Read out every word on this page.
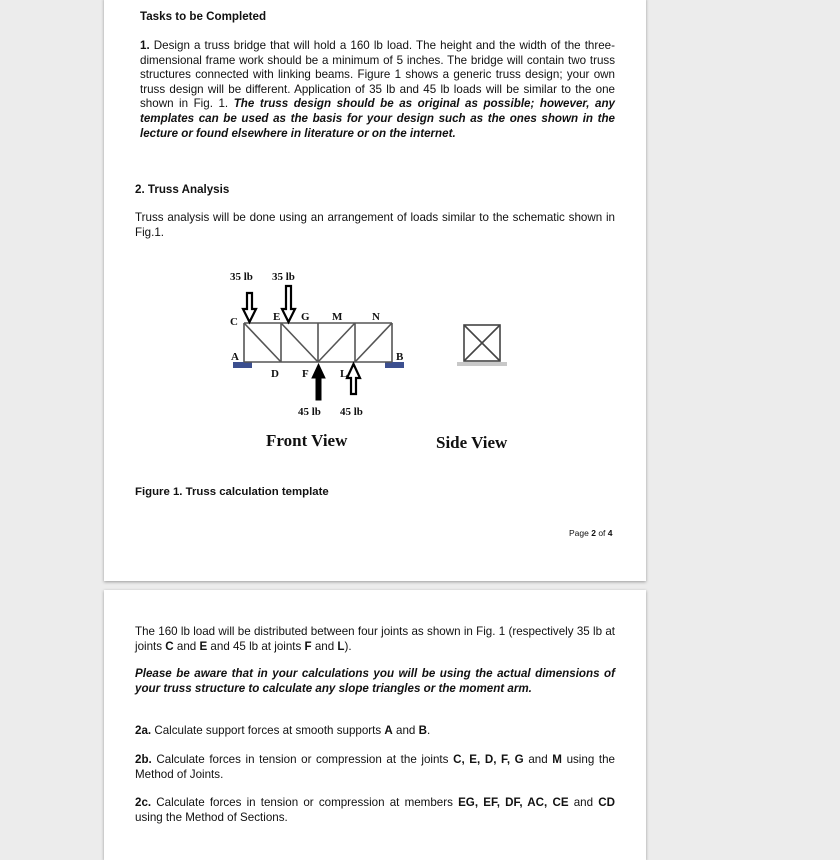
Tasks to be Completed
1. Design a truss bridge that will hold a 160 lb load. The height and the width of the three-dimensional frame work should be a minimum of 5 inches. The bridge will contain two truss structures connected with linking beams. Figure 1 shows a generic truss design; your own truss design will be different. Application of 35 lb and 45 lb loads will be similar to the one shown in Fig. 1. The truss design should be as original as possible; however, any templates can be used as the basis for your design such as the ones shown in the lecture or found elsewhere in literature or on the internet.
2. Truss Analysis
Truss analysis will be done using an arrangement of loads similar to the schematic shown in Fig.1.
35 lb 35 lb
C	E G M	N
A	B
D F	L
45 lb 45 lb
Front View	Side View
Figure 1. Truss calculation template
Page 2 of 4
The 160 lb load will be distributed between four joints as shown in Fig. 1 (respectively 35 lb at joints C and E and 45 lb at joints F and L).
Please be aware that in your calculations you will be using the actual dimensions of your truss structure to calculate any slope triangles or the moment arm.
2a. Calculate support forces at smooth supports A and B.
2b. Calculate forces in tension or compression at the joints C, E, D, F, G and M using the Method of Joints.
2c. Calculate forces in tension or compression at members EG, EF, DF, AC, CE and CD using the Method of Sections.
